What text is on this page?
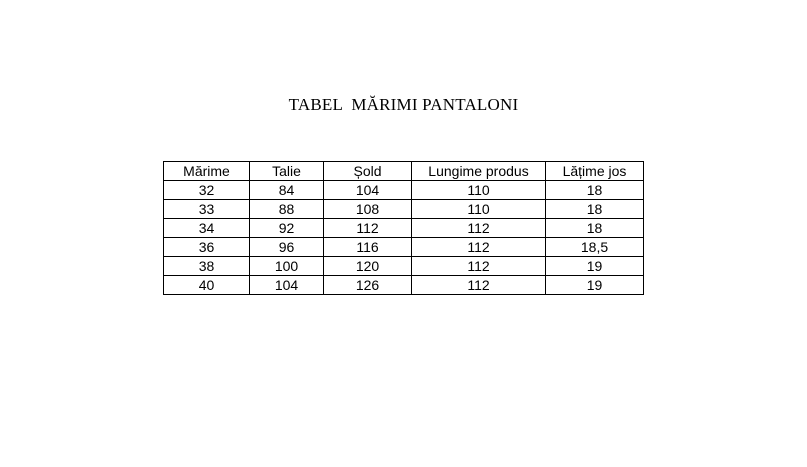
TABEL  MĂRIMI PANTALONI
Mărime	Talie	Șold	Lungime produs	Lățime jos
32	84	104	110	18
33	88	108	110	18
34	92	112	112	18
36	96	116	112	18,5
38	100	120	112	19
40	104	126	112	19
